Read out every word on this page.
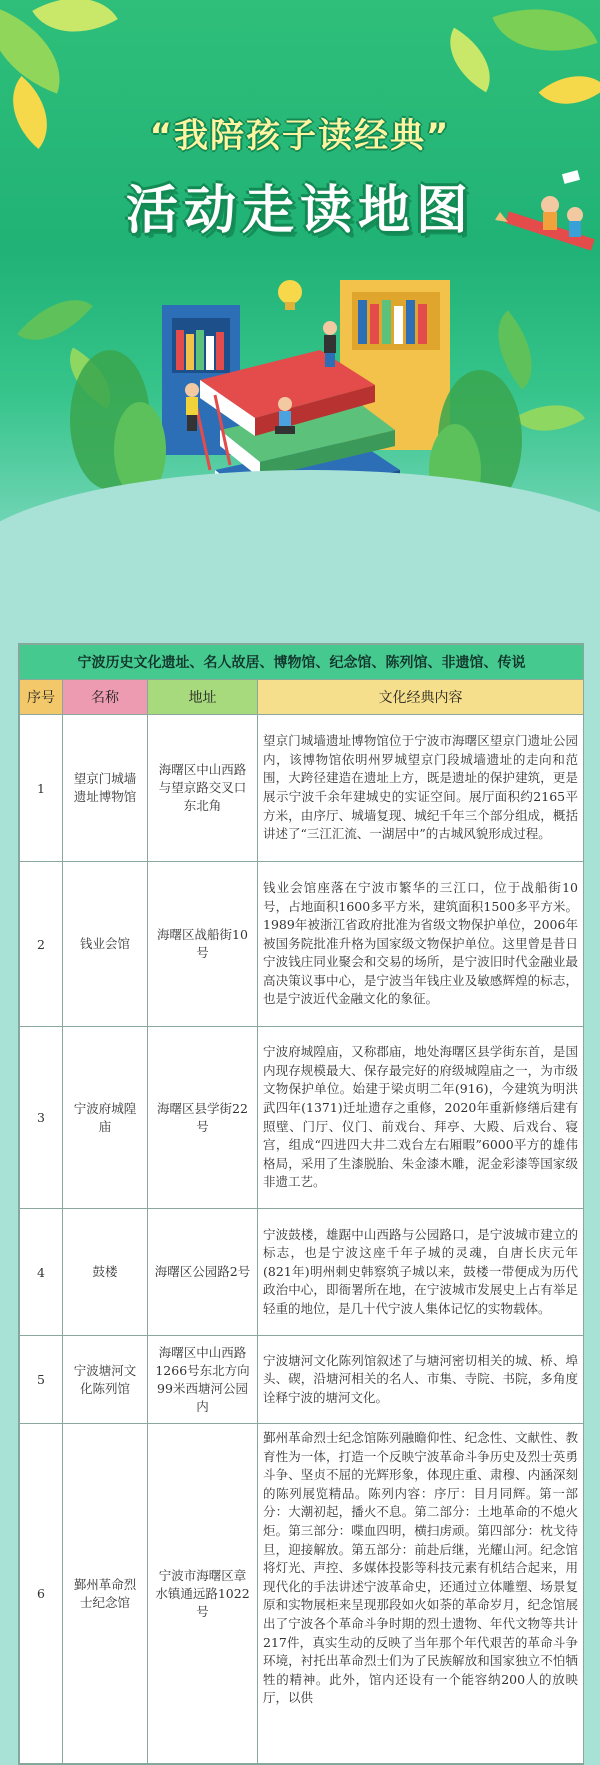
“我陪孩子读经典”
活动走读地图
宁波历史文化遗址、名人故居、博物馆、纪念馆、陈列馆、非遗馆、传说			
序号	名称	地址	文化经典内容
1	望京门城墙遗址博物馆	海曙区中山西路与望京路交叉口东北角	望京门城墙遗址博物馆位于宁波市海曙区望京门遗址公园内，该博物馆依明州罗城望京门段城墙遗址的走向和范围，大跨径建造在遗址上方，既是遗址的保护建筑，更是展示宁波千余年建城史的实证空间。展厅面积约2165平方米，由序厅、城墙复现、城纪千年三个部分组成，概括讲述了“三江汇流、一湖居中”的古城风貌形成过程。
2	钱业会馆	海曙区战船街10号	钱业会馆座落在宁波市繁华的三江口，位于战船街10号，占地面积1600多平方米，建筑面积1500多平方米。1989年被浙江省政府批准为省级文物保护单位，2006年被国务院批准升格为国家级文物保护单位。这里曾是昔日宁波钱庄同业聚会和交易的场所，是宁波旧时代金融业最高决策议事中心，是宁波当年钱庄业及敏感辉煌的标志，也是宁波近代金融文化的象征。
3	宁波府城隍庙	海曙区县学街22号	宁波府城隍庙，又称郡庙，地处海曙区县学街东首，是国内现存规模最大、保存最完好的府级城隍庙之一，为市级文物保护单位。始建于梁贞明二年(916)，今建筑为明洪武四年(1371)迁址遗存之重修，2020年重新修缮后建有照壁、门厅、仪门、前戏台、拜亭、大殿、后戏台、寝宫，组成“四进四大井二戏台左右厢暇”6000平方的雄伟格局，采用了生漆脱胎、朱金漆木雕，泥金彩漆等国家级非遗工艺。
4	鼓楼	海曙区公园路2号	宁波鼓楼，雄踞中山西路与公园路口，是宁波城市建立的标志，也是宁波这座千年子城的灵魂，自唐长庆元年(821年)明州刺史韩察筑子城以来，鼓楼一带便成为历代政治中心，即衙署所在地，在宁波城市发展史上占有举足轻重的地位，是几十代宁波人集体记忆的实物载体。
5	宁波塘河文化陈列馆	海曙区中山西路1266号东北方向99米西塘河公园内	宁波塘河文化陈列馆叙述了与塘河密切相关的城、桥、埠头、碶，沿塘河相关的名人、市集、寺院、书院，多角度诠释宁波的塘河文化。
6	鄞州革命烈士纪念馆	宁波市海曙区章水镇通远路1022号	鄞州革命烈士纪念馆陈列融瞻仰性、纪念性、文献性、教育性为一体，打造一个反映宁波革命斗争历史及烈士英勇斗争、坚贞不屈的光辉形象，体现庄重、肃穆、内涵深刻的陈列展览精品。陈列内容：序厅：目月同辉。第一部分：大潮初起，播火不息。第二部分：土地革命的不熄火炬。第三部分：喋血四明，横扫虏顽。第四部分：枕戈待旦，迎接解放。第五部分：前赴后继，光耀山河。纪念馆将灯光、声控、多媒体投影等科技元素有机结合起来，用现代化的手法讲述宁波革命史，还通过立体雕塑、场景复原和实物展柜来呈现那段如火如荼的革命岁月，纪念馆展出了宁波各个革命斗争时期的烈士遗物、年代文物等共计217件，真实生动的反映了当年那个年代艰苦的革命斗争环境，衬托出革命烈士们为了民族解放和国家独立不怕牺牲的精神。此外，馆内还设有一个能容纳200人的放映厅，以供
